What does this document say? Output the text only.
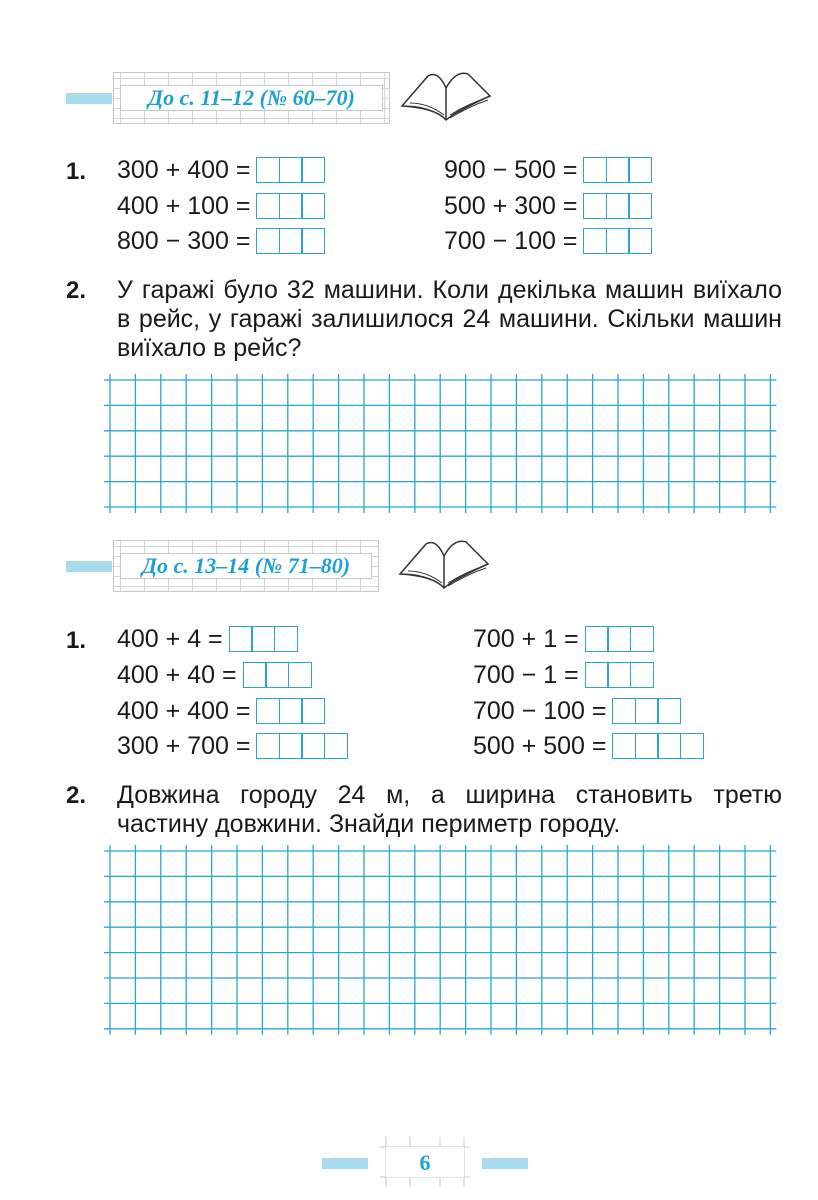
До с. 11–12 (№ 60–70)
1. 300 + 400 =
400 + 100 =
800 − 300 =
900 − 500 =
500 + 300 =
700 − 100 =
2. У гаражі було 32 машини. Коли декілька машин виїхало в рейс, у гаражі залишилося 24 машини. Скільки машин виїхало в рейс?
До с. 13–14 (№ 71–80)
1. 400 + 4 =
400 + 40 =
400 + 400 =
300 + 700 =
700 + 1 =
700 − 1 =
700 − 100 =
500 + 500 =
2. Довжина городу 24 м, а ширина становить третю частину довжини. Знайди периметр городу.
6
